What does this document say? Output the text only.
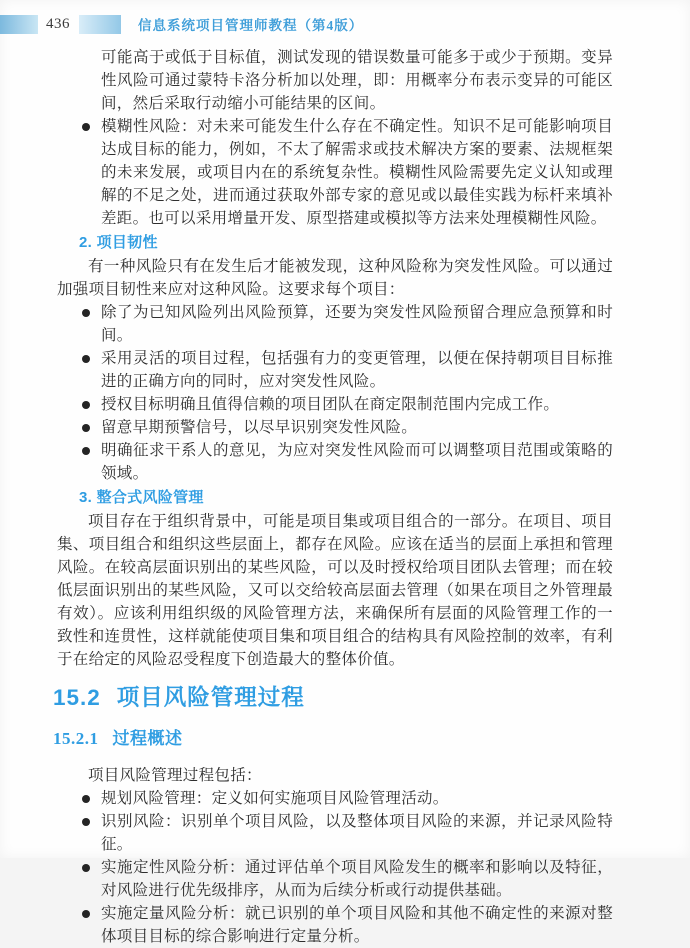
436	信息系统项目管理师教程（第4版）

可能高于或低于目标值，测试发现的错误数量可能多于或少于预期。变异性风险可通过蒙特卡洛分析加以处理，即：用概率分布表示变异的可能区间，然后采取行动缩小可能结果的区间。

模糊性风险：对未来可能发生什么存在不确定性。知识不足可能影响项目达成目标的能力，例如，不太了解需求或技术解决方案的要素、法规框架的未来发展，或项目内在的系统复杂性。模糊性风险需要先定义认知或理解的不足之处，进而通过获取外部专家的意见或以最佳实践为标杆来填补差距。也可以采用增量开发、原型搭建或模拟等方法来处理模糊性风险。
2. 项目韧性

有一种风险只有在发生后才能被发现，这种风险称为突发性风险。可以通过加强项目韧性来应对这种风险。这要求每个项目：

除了为已知风险列出风险预算，还要为突发性风险预留合理应急预算和时间。
采用灵活的项目过程，包括强有力的变更管理，以便在保持朝项目目标推进的正确方向的同时，应对突发性风险。
授权目标明确且值得信赖的项目团队在商定限制范围内完成工作。
留意早期预警信号，以尽早识别突发性风险。
明确征求干系人的意见，为应对突发性风险而可以调整项目范围或策略的领域。
3. 整合式风险管理

项目存在于组织背景中，可能是项目集或项目组合的一部分。在项目、项目集、项目组合和组织这些层面上，都存在风险。应该在适当的层面上承担和管理风险。在较高层面识别出的某些风险，可以及时授权给项目团队去管理；而在较低层面识别出的某些风险，又可以交给较高层面去管理（如果在项目之外管理最有效）。应该利用组织级的风险管理方法，来确保所有层面的风险管理工作的一致性和连贯性，这样就能使项目集和项目组合的结构具有风险控制的效率，有利于在给定的风险忍受程度下创造最大的整体价值。

15.2 项目风险管理过程
15.2.1 过程概述

项目风险管理过程包括：

规划风险管理：定义如何实施项目风险管理活动。
识别风险：识别单个项目风险，以及整体项目风险的来源，并记录风险特征。
实施定性风险分析：通过评估单个项目风险发生的概率和影响以及特征，对风险进行优先级排序，从而为后续分析或行动提供基础。
实施定量风险分析：就已识别的单个项目风险和其他不确定性的来源对整体项目目标的综合影响进行定量分析。
